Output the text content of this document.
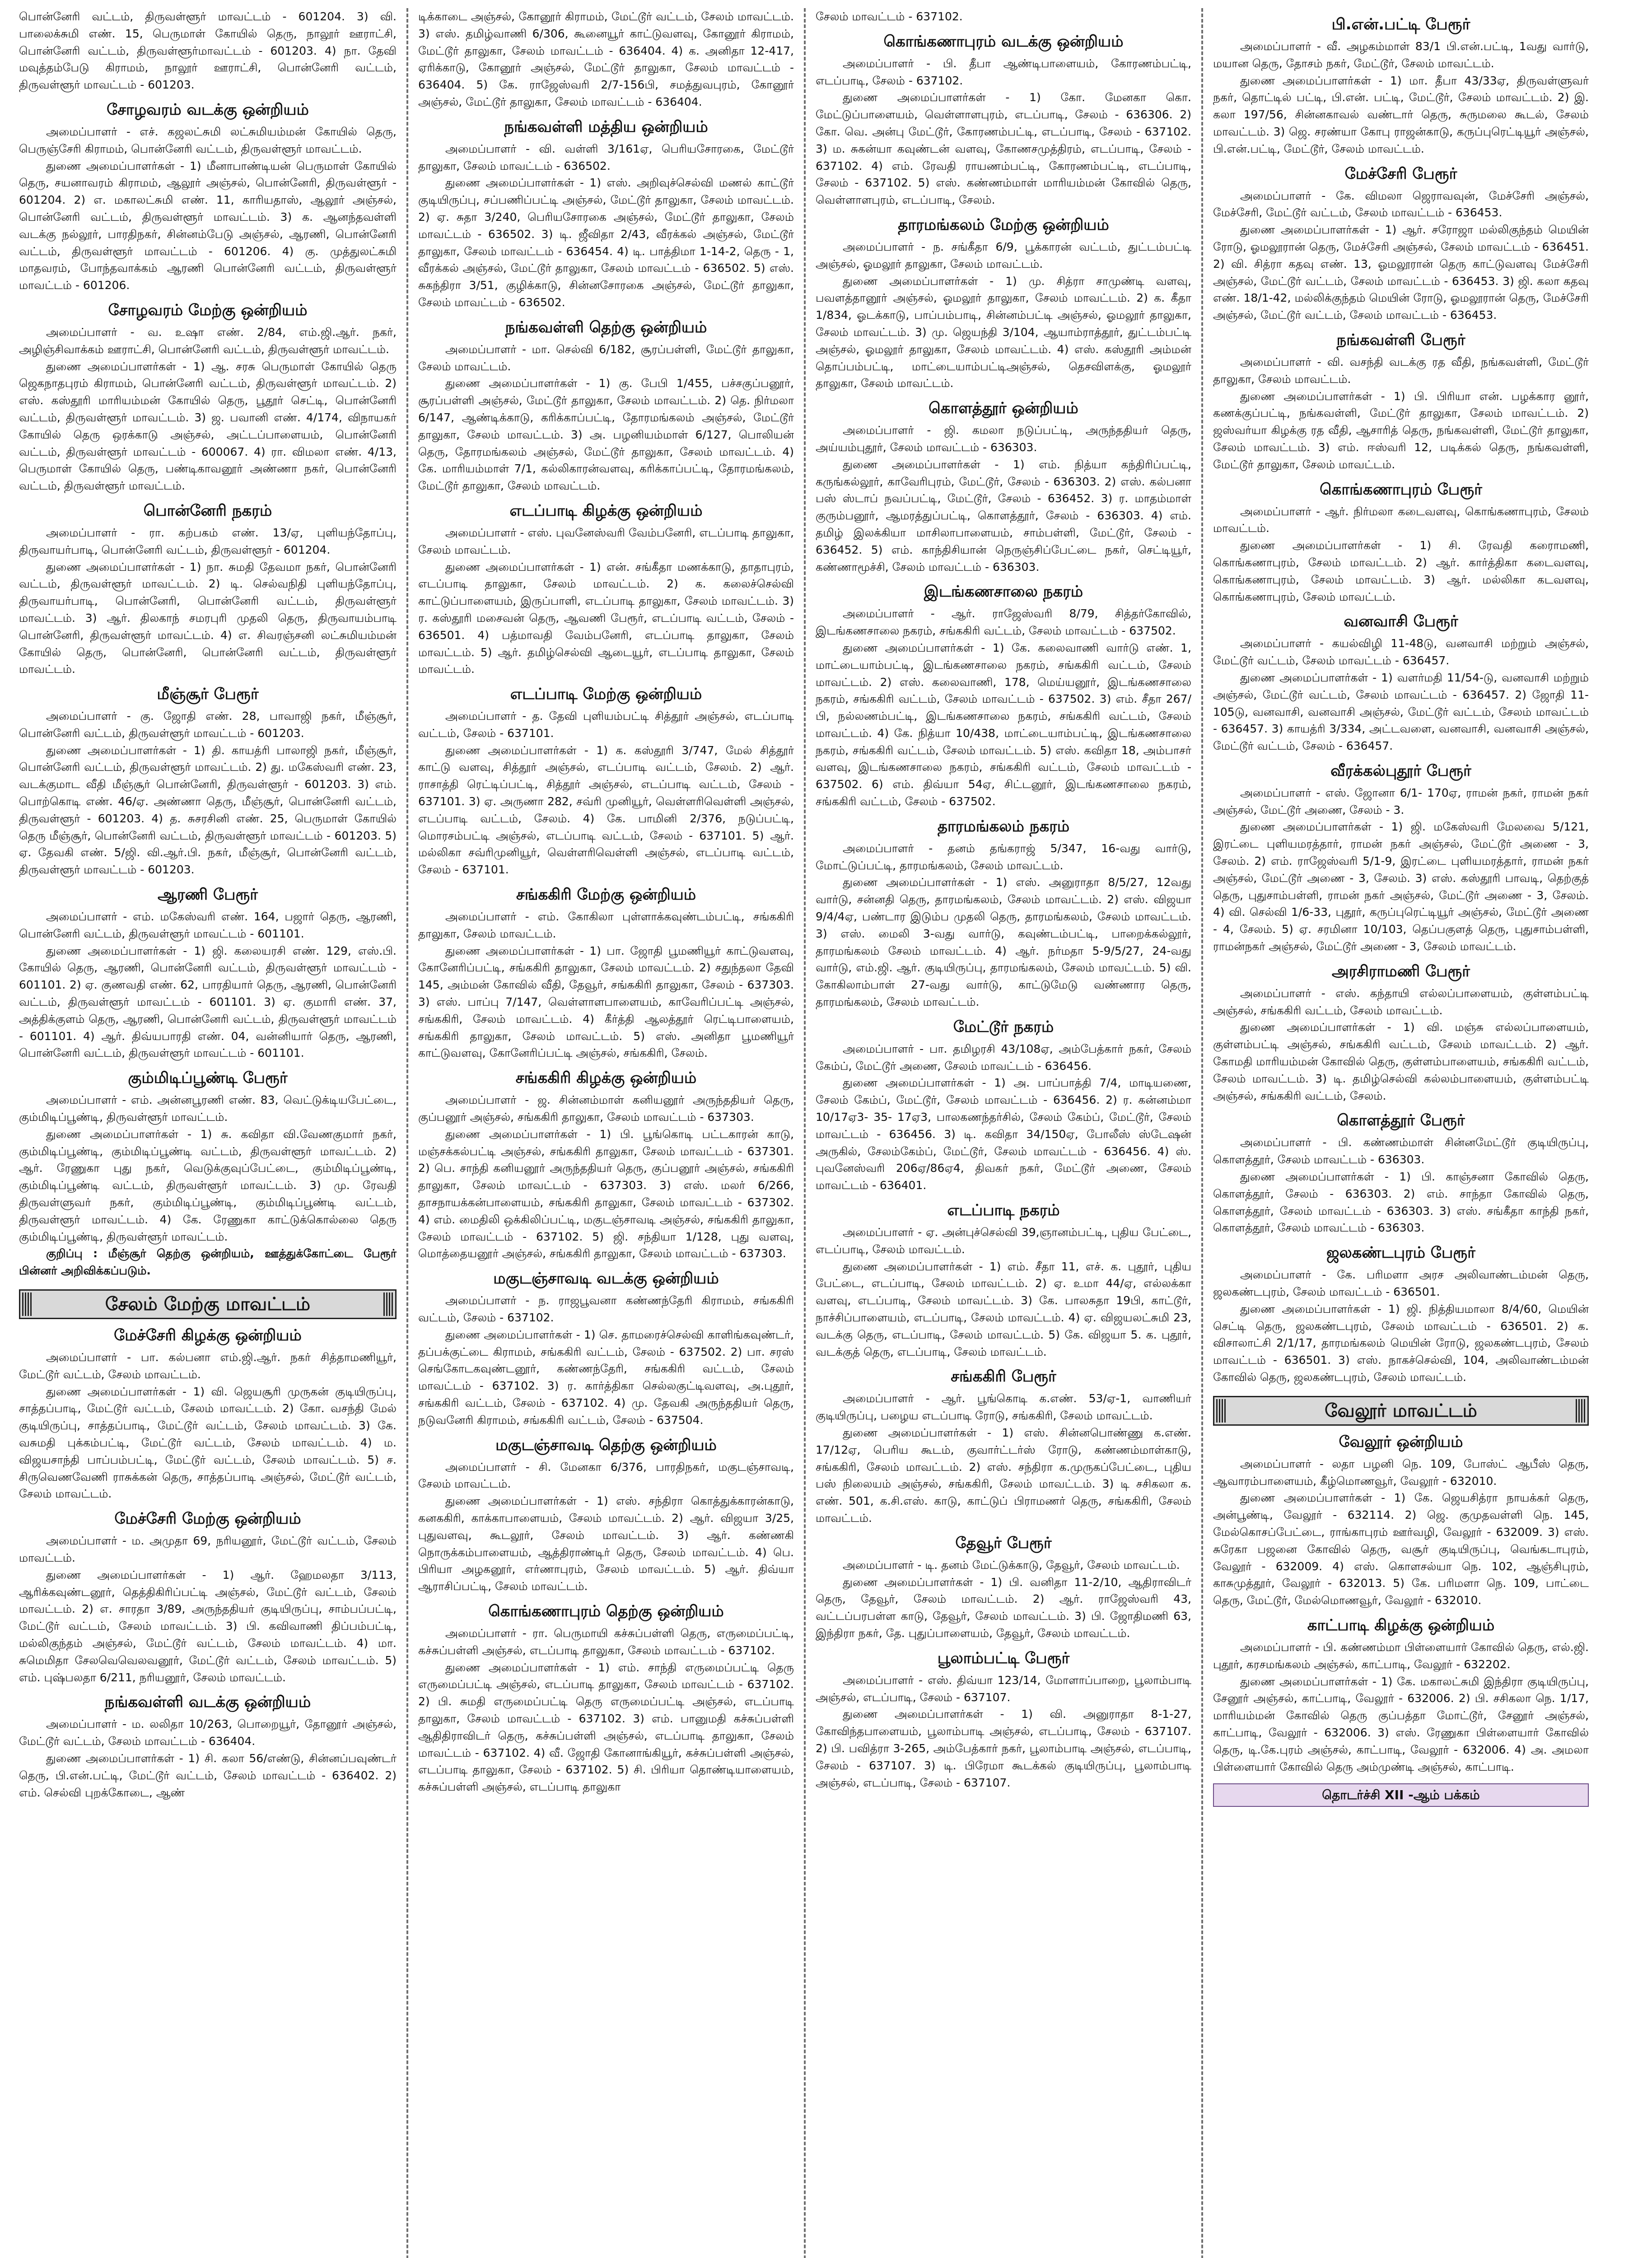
பொன்னேரி வட்டம், திருவள்ளூர் மாவட்டம் - 601204. 3) வி. பாலைக்சுமி எண். 15, பெருமாள் கோயில் தெரு, நாலூர் ஊராட்சி, பொன்னேரி வட்டம், திருவள்ளூர்மாவட்டம் - 601203. 4) நா. தேவி மவுத்தம்பேடு கிராமம், நாலூர் ஊராட்சி, பொன்னேரி வட்டம், திருவள்ளூர் மாவட்டம் - 601203.

சோழவரம் வடக்கு ஒன்றியம்

அமைப்பாளர் - எச். கஜலட்சுமி லட்சுமியம்மன் கோயில் தெரு, பெருஞ்சேரி கிராமம், பொன்னேரி வட்டம், திருவள்ளூர் மாவட்டம்.

துணை அமைப்பாளர்கள் - 1) மீனாபாண்டியன் பெருமாள் கோயில் தெரு, சயனாவரம் கிராமம், ஆலூர் அஞ்சல், பொன்னேரி, திருவள்ளூர் - 601204. 2) எ. மகாலட்சுமி எண். 11, காரியதாஸ், ஆலூர் அஞ்சல், பொன்னேரி வட்டம், திருவள்ளூர் மாவட்டம். 3) க. ஆனந்தவள்ளி வடக்கு நல்லூர், பாரதிநகர், சின்னம்பேடு அஞ்சல், ஆரணி, பொன்னேரி வட்டம், திருவள்ளூர் மாவட்டம் - 601206. 4) கு. முத்துலட்சுமி மாதவரம், போந்தவாக்கம் ஆரணி பொன்னேரி வட்டம், திருவள்ளூர் மாவட்டம் - 601206.

சோழவரம் மேற்கு ஒன்றியம்

அமைப்பாளர் - வ. உஷா எண். 2/84, எம்.ஜி.ஆர். நகர், அழிஞ்சிவாக்கம் ஊராட்சி, பொன்னேரி வட்டம், திருவள்ளூர் மாவட்டம்.

துணை அமைப்பாளர்கள் - 1) ஆ. சரசு பெருமாள் கோயில் தெரு ஜெகநாதபுரம் கிராமம், பொன்னேரி வட்டம், திருவள்ளூர் மாவட்டம். 2) எஸ். கஸ்தூரி மாரியம்மன் கோயில் தெரு, பூதூர் செட்டி, பொன்னேரி வட்டம், திருவள்ளூர் மாவட்டம். 3) ஜ. பவானி எண். 4/174, விநாயகர் கோயில் தெரு ஒரக்காடு அஞ்சல், அட்டப்பாளையம், பொன்னேரி வட்டம், திருவள்ளூர் மாவட்டம் - 600067. 4) ரா. விமலா எண். 4/13, பெருமாள் கோயில் தெரு, பண்டிகாவனூர் அண்ணா நகர், பொன்னேரி வட்டம், திருவள்ளூர் மாவட்டம்.

பொன்னேரி நகரம்

அமைப்பாளர் - ரா. கற்பகம் எண். 13/ஏ, புளியந்தோப்பு, திருவாயர்பாடி, பொன்னேரி வட்டம், திருவள்ளூர் - 601204.

துணை அமைப்பாளர்கள் - 1) நா. சுமதி தேவமா நகர், பொன்னேரி வட்டம், திருவள்ளூர் மாவட்டம். 2) டி. செல்வநிதி புளியந்தோப்பு, திருவாயர்பாடி, பொன்னேரி, பொன்னேரி வட்டம், திருவள்ளூர் மாவட்டம். 3) ஆர். திலகாந் சமரபுரி முதலி தெரு, திருவாயம்பாடி பொன்னேரி, திருவள்ளூர் மாவட்டம். 4) எ. சிவரஞ்சனி லட்சுமியம்மன் கோயில் தெரு, பொன்னேரி, பொன்னேரி வட்டம், திருவள்ளூர் மாவட்டம்.

மீஞ்சூர் பேரூர்

அமைப்பாளர் - கு. ஜோதி எண். 28, பாவாஜி நகர், மீஞ்சூர், பொன்னேரி வட்டம், திருவள்ளூர் மாவட்டம் - 601203.

துணை அமைப்பாளர்கள் - 1) தி. காயத்ரி பாலாஜி நகர், மீஞ்சூர், பொன்னேரி வட்டம், திருவள்ளூர் மாவட்டம். 2) து. மகேஸ்வரி எண். 23, வடக்குமாட வீதி மீஞ்சூர் பொன்னேரி, திருவள்ளூர் - 601203. 3) எம். பொற்கொடி எண். 46/ஏ. அண்ணா தெரு, மீஞ்சூர், பொன்னேரி வட்டம், திருவள்ளூர் - 601203. 4) த. சுசரசினி எண். 25, பெருமாள் கோயில் தெரு மீஞ்சூர், பொன்னேரி வட்டம், திருவள்ளூர் மாவட்டம் - 601203. 5) ஏ. தேவகி எண். 5/ஜி. வி.ஆர்.பி. நகர், மீஞ்சூர், பொன்னேரி வட்டம், திருவள்ளூர் மாவட்டம் - 601203.

ஆரணி பேரூர்

அமைப்பாளர் - எம். மகேஸ்வரி எண். 164, பஜார் தெரு, ஆரணி, பொன்னேரி வட்டம், திருவள்ளூர் மாவட்டம் - 601101.

துணை அமைப்பாளர்கள் - 1) ஜி. கலையரசி எண். 129, எஸ்.பி. கோயில் தெரு, ஆரணி, பொன்னேரி வட்டம், திருவள்ளூர் மாவட்டம் - 601101. 2) ஏ. குணவதி எண். 62, பாரதியார் தெரு, ஆரணி, பொன்னேரி வட்டம், திருவள்ளூர் மாவட்டம் - 601101. 3) ஏ. குமாரி எண். 37, அத்திக்குளம் தெரு, ஆரணி, பொன்னேரி வட்டம், திருவள்ளூர் மாவட்டம் - 601101. 4) ஆர். திவ்யபாரதி எண். 04, வன்னியார் தெரு, ஆரணி, பொன்னேரி வட்டம், திருவள்ளூர் மாவட்டம் - 601101.

கும்மிடிப்பூண்டி பேரூர்

அமைப்பாளர் - எம். அன்னபூரணி எண். 83, வெட்டுக்டியபேட்டை, கும்மிடிப்பூண்டி, திருவள்ளூர் மாவட்டம்.

துணை அமைப்பாளர்கள் - 1) சு. கவிதா வி.வேணகுமார் நகர், கும்மிடிப்பூண்டி, கும்மிடிப்பூண்டி வட்டம், திருவள்ளூர் மாவட்டம். 2) ஆர். ரேணுகா புது நகர், வெடுக்குவுப்பேட்டை, கும்மிடிப்பூண்டி, கும்மிடிப்பூண்டி வட்டம், திருவள்ளூர் மாவட்டம். 3) மு. ரேவதி திருவள்ளுவர் நகர், கும்மிடிப்பூண்டி, கும்மிடிப்பூண்டி வட்டம், திருவள்ளூர் மாவட்டம். 4) கே. ரேணுகா காட்டுக்கொல்லை தெரு கும்மிடிப்பூண்டி, திருவள்ளூர் மாவட்டம்.

குறிப்பு : மீஞ்சூர் தெற்கு ஒன்றியம், ஊத்துக்கோட்டை பேரூர் பின்னர் அறிவிக்கப்படும்.

சேலம் மேற்கு மாவட்டம்
மேச்சேரி கிழக்கு ஒன்றியம்

அமைப்பாளர் - பா. கல்பனா எம்.ஜி.ஆர். நகர் சித்தாமணியூர், மேட்டூர் வட்டம், சேலம் மாவட்டம்.

துணை அமைப்பாளர்கள் - 1) வி. ஜெயசூரி முருகன் குடியிருப்பு, சாத்தப்பாடி, மேட்டூர் வட்டம், சேலம் மாவட்டம். 2) கோ. வசந்தி மேல் குடியிருப்பு, சாத்தப்பாடி, மேட்டூர் வட்டம், சேலம் மாவட்டம். 3) கே. வசுமதி புக்கம்பட்டி, மேட்டூர் வட்டம், சேலம் மாவட்டம். 4) ம. விஜயசாந்தி பாப்பம்பட்டி, மேட்டூர் வட்டம், சேலம் மாவட்டம். 5) ச. சிருவெணவேணி ராசுக்கன் தெரு, சாத்தப்பாடி அஞ்சல், மேட்டூர் வட்டம், சேலம் மாவட்டம்.

மேச்சேரி மேற்கு ஒன்றியம்

அமைப்பாளர் - ம. அமுதா 69, நரியனூர், மேட்டூர் வட்டம், சேலம் மாவட்டம்.

துணை அமைப்பாளர்கள் - 1) ஆர். ஹேமலதா 3/113, ஆரிக்கவுண்டனூர், தெத்திகிரிப்பட்டி அஞ்சல், மேட்டூர் வட்டம், சேலம் மாவட்டம். 2) எ. சாரதா 3/89, அருந்ததியர் குடியிருப்பு, சாம்பப்பட்டி, மேட்டூர் வட்டம், சேலம் மாவட்டம். 3) பி. கவிவாணி திப்பம்பட்டி, மல்லிகுந்தம் அஞ்சல், மேட்டூர் வட்டம், சேலம் மாவட்டம். 4) மா. சுமெமிதா சேலவெவெலவனூர், மேட்டூர் வட்டம், சேலம் மாவட்டம். 5) எம். புஷ்பலதா 6/211, நரியனூர், சேலம் மாவட்டம்.

நங்கவள்ளி வடக்கு ஒன்றியம்

அமைப்பாளர் - ம. லலிதா 10/263, பொறையூர், தோனூர் அஞ்சல், மேட்டூர் வட்டம், சேலம் மாவட்டம் - 636404.

துணை அமைப்பாளர்கள் - 1) சி. கலா 56/எண்டு, சின்னப்பவுண்டர் தெரு, பி.என்.பட்டி, மேட்டூர் வட்டம், சேலம் மாவட்டம் - 636402. 2) எம். செல்வி புறக்கோடை, ஆண்

டிக்காடை அஞ்சல், கோனூர் கிராமம், மேட்டூர் வட்டம், சேலம் மாவட்டம். 3) எஸ். தமிழ்வாணி 6/306, கூனையூர் காட்டுவளவு, கோனூர் கிராமம், மேட்டூர் தாலுகா, சேலம் மாவட்டம் - 636404. 4) க. அனிதா 12-417, ஏரிக்காடு, கோனூர் அஞ்சல், மேட்டூர் தாலுகா, சேலம் மாவட்டம் - 636404. 5) கே. ராஜேஸ்வரி 2/7-156பி, சமத்துவபுரம், கோனூர் அஞ்சல், மேட்டூர் தாலுகா, சேலம் மாவட்டம் - 636404.

நங்கவள்ளி மத்திய ஒன்றியம்

அமைப்பாளர் - வி. வள்ளி 3/161ஏ, பெரியசோரகை, மேட்டூர் தாலுகா, சேலம் மாவட்டம் - 636502.

துணை அமைப்பாளர்கள் - 1) எஸ். அறிவுச்செல்வி மணல் காட்டூர் குடியிருப்பு, சப்பணிப்பட்டி அஞ்சல், மேட்டூர் தாலுகா, சேலம் மாவட்டம். 2) ஏ. சுதா 3/240, பெரியசோரகை அஞ்சல், மேட்டூர் தாலுகா, சேலம் மாவட்டம் - 636502. 3) டி. ஜீவிதா 2/43, வீரக்கல் அஞ்சல், மேட்டூர் தாலுகா, சேலம் மாவட்டம் - 636454. 4) டி. பாத்திமா 1-14-2, தெரு - 1, வீரக்கல் அஞ்சல், மேட்டூர் தாலுகா, சேலம் மாவட்டம் - 636502. 5) எஸ். சுகந்திரா 3/51, குழிக்காடு, சின்னசோரகை அஞ்சல், மேட்டூர் தாலுகா, சேலம் மாவட்டம் - 636502.

நங்கவள்ளி தெற்கு ஒன்றியம்

அமைப்பாளர் - மா. செல்வி 6/182, சூரப்பள்ளி, மேட்டூர் தாலுகா, சேலம் மாவட்டம்.

துணை அமைப்பாளர்கள் - 1) கு. பேபி 1/455, பச்சகுப்பனூர், சூரப்பள்ளி அஞ்சல், மேட்டூர் தாலுகா, சேலம் மாவட்டம். 2) தெ. நிர்மலா 6/147, ஆண்டிக்காடு, கரிக்காப்பட்டி, தோரமங்கலம் அஞ்சல், மேட்டூர் தாலுகா, சேலம் மாவட்டம். 3) அ. பழனியம்மாள் 6/127, பொலியன் தெரு, தோரமங்கலம் அஞ்சல், மேட்டூர் தாலுகா, சேலம் மாவட்டம். 4) கே. மாரியம்மாள் 7/1, கல்லிகாரன்வளவு, கரிக்காப்பட்டி, தோரமங்கலம், மேட்டூர் தாலுகா, சேலம் மாவட்டம்.

எடப்பாடி கிழக்கு ஒன்றியம்

அமைப்பாளர் - எஸ். புவனேஸ்வரி வேம்பனேரி, எடப்பாடி தாலுகா, சேலம் மாவட்டம்.

துணை அமைப்பாளர்கள் - 1) என். சங்கீதா மணக்காடு, தாதாபுரம், எடப்பாடி தாலுகா, சேலம் மாவட்டம். 2) க. கலைச்செல்வி காட்டுப்பாளையம், இருப்பாளி, எடப்பாடி தாலுகா, சேலம் மாவட்டம். 3) ர. கஸ்தூரி மசைவன் தெரு, ஆவணி பேரூர், எடப்பாடி வட்டம், சேலம் - 636501. 4) பத்மாவதி வேம்பனேரி, எடப்பாடி தாலுகா, சேலம் மாவட்டம். 5) ஆர். தமிழ்செல்வி ஆடையூர், எடப்பாடி தாலுகா, சேலம் மாவட்டம்.

எடப்பாடி மேற்கு ஒன்றியம்

அமைப்பாளர் - த. தேவி புளியம்பட்டி சித்தூர் அஞ்சல், எடப்பாடி வட்டம், சேலம் - 637101.

துணை அமைப்பாளர்கள் - 1) க. கஸ்தூரி 3/747, மேல் சித்தூர் காட்டு வளவு, சித்தூர் அஞ்சல், எடப்பாடி வட்டம், சேலம். 2) ஆர். ராசாத்தி ரெட்டிப்பட்டி, சித்தூர் அஞ்சல், எடப்பாடி வட்டம், சேலம் - 637101. 3) ஏ. அருணா 282, சவ்ரி முனியூர், வெள்ளரிவெள்ளி அஞ்சல், எடப்பாடி வட்டம், சேலம். 4) கே. பாமினி 2/376, நடுப்பட்டி, மொரசம்பட்டி அஞ்சல், எடப்பாடி வட்டம், சேலம் - 637101. 5) ஆர். மல்லிகா சவ்ரிமுனியூர், வெள்ளரிவெள்ளி அஞ்சல், எடப்பாடி வட்டம், சேலம் - 637101.

சங்ககிரி மேற்கு ஒன்றியம்

அமைப்பாளர் - எம். கோகிலா புள்ளாக்கவுண்டம்பட்டி, சங்ககிரி தாலுகா, சேலம் மாவட்டம்.

துணை அமைப்பாளர்கள் - 1) பா. ஜோதி பூமணியூர் காட்டுவளவு, கோனேரிப்பட்டி, சங்ககிரி தாலுகா, சேலம் மாவட்டம். 2) சதுந்தலா தேவி 145, அம்மன் கோவில் வீதி, தேவூர், சங்ககிரி தாலுகா, சேலம் - 637303. 3) எஸ். பாப்பு 7/147, வெள்ளாளபாளையம், காவேரிப்பட்டி அஞ்சல், சங்ககிரி, சேலம் மாவட்டம். 4) கீர்த்தி ஆலத்தூர் ரெட்டிபாளையம், சங்ககிரி தாலுகா, சேலம் மாவட்டம். 5) எஸ். அனிதா பூமணியூர் காட்டுவளவு, கோனேரிப்பட்டி அஞ்சல், சங்ககிரி, சேலம்.

சங்ககிரி கிழக்கு ஒன்றியம்

அமைப்பாளர் - ஜ. சின்னம்மாள் கனியனூர் அருந்ததியர் தெரு, குப்பனூர் அஞ்சல், சங்ககிரி தாலுகா, சேலம் மாவட்டம் - 637303.

துணை அமைப்பாளர்கள் - 1) பி. பூங்கொடி பட்டகாரன் காடு, மஞ்சக்கல்பட்டி அஞ்சல், சங்ககிரி தாலுகா, சேலம் மாவட்டம் - 637301. 2) பெ. சாந்தி கனியனூர் அருந்ததியர் தெரு, குப்பனூர் அஞ்சல், சங்ககிரி தாலுகா, சேலம் மாவட்டம் - 637303. 3) எஸ். மலர் 6/266, தாசநாயக்கன்பாளையம், சங்ககிரி தாலுகா, சேலம் மாவட்டம் - 637302. 4) எம். மைதிலி ஒக்கிலிப்பட்டி, மகுடஞ்சாவடி அஞ்சல், சங்ககிரி தாலுகா, சேலம் மாவட்டம் - 637102. 5) ஜி. சந்தியா 1/128, புது வளவு, மொத்தையனூர் அஞ்சல், சங்ககிரி தாலுகா, சேலம் மாவட்டம் - 637303.

மகுடஞ்சாவடி வடக்கு ஒன்றியம்

அமைப்பாளர் - ந. ராஜபூவனா கண்ணந்தேரி கிராமம், சங்ககிரி வட்டம், சேலம் - 637102.

துணை அமைப்பாளர்கள் - 1) செ. தாமரைச்செல்வி காளிங்கவுண்டர், தப்பக்குட்டை கிராமம், சங்ககிரி வட்டம், சேலம் - 637502. 2) பா. சரஸ் செங்கோடகவுண்டனூர், கண்ணந்தேரி, சங்ககிரி வட்டம், சேலம் மாவட்டம் - 637102. 3) ர. கார்த்திகா செல்லகுட்டிவளவு, அ.புதூர், சங்ககிரி வட்டம், சேலம் - 637102. 4) மு. தேவகி அருந்ததியர் தெரு, நடுவனேரி கிராமம், சங்ககிரி வட்டம், சேலம் - 637504.

மகுடஞ்சாவடி தெற்கு ஒன்றியம்

அமைப்பாளர் - சி. மேனகா 6/376, பாரதிநகர், மகுடஞ்சாவடி, சேலம் மாவட்டம்.

துணை அமைப்பாளர்கள் - 1) எஸ். சந்திரா கொத்துக்காரன்காடு, கனககிரி, காக்காபாளையம், சேலம் மாவட்டம். 2) ஆர். விஜயா 3/25, புதுவளவு, கூடலூர், சேலம் மாவட்டம். 3) ஆர். கண்ணகி நொருக்கம்பாளையம், ஆத்திராண்டிர் தெரு, சேலம் மாவட்டம். 4) பெ. பிரியா அழகனூர், எர்ணாபுரம், சேலம் மாவட்டம். 5) ஆர். திவ்யா ஆராசிப்பட்டி, சேலம் மாவட்டம்.

கொங்கணாபுரம் தெற்கு ஒன்றியம்

அமைப்பாளர் - ரா. பெருமாயி கச்சுப்பள்ளி தெரு, எருமைப்பட்டி, கச்சுப்பள்ளி அஞ்சல், எடப்பாடி தாலுகா, சேலம் மாவட்டம் - 637102.

துணை அமைப்பாளர்கள் - 1) எம். சாந்தி எருமைப்பட்டி தெரு எருமைப்பட்டி அஞ்சல், எடப்பாடி தாலுகா, சேலம் மாவட்டம் - 637102. 2) பி. சுமதி எருமைப்பட்டி தெரு எருமைப்பட்டி அஞ்சல், எடப்பாடி தாலுகா, சேலம் மாவட்டம் - 637102. 3) எம். பானுமதி கச்சுப்பள்ளி ஆதிதிராவிடர் தெரு, கச்சுப்பள்ளி அஞ்சல், எடப்பாடி தாலுகா, சேலம் மாவட்டம் - 637102. 4) வீ. ஜோதி கோனாங்கியூர், கச்சுப்பள்ளி அஞ்சல், எடப்பாடி தாலுகா, சேலம் - 637102. 5) சி. பிரியா தொண்டியாளையம், கச்சுப்பள்ளி அஞ்சல், எடப்பாடி தாலுகா

சேலம் மாவட்டம் - 637102.

கொங்கணாபுரம் வடக்கு ஒன்றியம்

அமைப்பாளர் - பி. தீபா ஆண்டிபாளையம், கோரணம்பட்டி, எடப்பாடி, சேலம் - 637102.

துணை அமைப்பாளர்கள் - 1) கோ. மேனகா கொ. மேட்டுப்பாளையம், வெள்ளாளபுரம், எடப்பாடி, சேலம் - 636306. 2) கோ. வெ. அன்பு மேட்டூர், கோரணம்பட்டி, எடப்பாடி, சேலம் - 637102. 3) ம. சுகன்யா கவுண்டன் வளவு, கோணசமுத்திரம், எடப்பாடி, சேலம் - 637102. 4) எம். ரேவதி ராயணம்பட்டி, கோரணம்பட்டி, எடப்பாடி, சேலம் - 637102. 5) எஸ். கண்ணம்மாள் மாரியம்மன் கோவில் தெரு, வெள்ளாளபுரம், எடப்பாடி, சேலம்.

தாரமங்கலம் மேற்கு ஒன்றியம்

அமைப்பாளர் - ந. சங்கீதா 6/9, பூக்காரன் வட்டம், துட்டம்பட்டி அஞ்சல், ஓமலூர் தாலுகா, சேலம் மாவட்டம்.

துணை அமைப்பாளர்கள் - 1) மு. சித்ரா சாமுண்டி வளவு, பவளத்தானூர் அஞ்சல், ஓமலூர் தாலுகா, சேலம் மாவட்டம். 2) க. கீதா 1/834, ஓடக்காடு, பாப்பம்பாடி, சின்னம்பட்டி அஞ்சல், ஓமலூர் தாலுகா, சேலம் மாவட்டம். 3) மு. ஜெயந்தி 3/104, ஆயாம்ராத்தூர், துட்டம்பட்டி அஞ்சல், ஓமலூர் தாலுகா, சேலம் மாவட்டம். 4) எஸ். கஸ்தூரி அம்மன் தொப்பம்பட்டி, மாட்டையாம்பட்டிஅஞ்சல், தெசவிளக்கு, ஓமலூர் தாலுகா, சேலம் மாவட்டம்.

கொளத்தூர் ஒன்றியம்

அமைப்பாளர் - ஜி. கமலா நடுப்பட்டி, அருந்ததியர் தெரு, அய்யம்புதூர், சேலம் மாவட்டம் - 636303.

துணை அமைப்பாளர்கள் - 1) எம். நித்யா கந்திரிப்பட்டி, கருங்கல்லூர், காவேரிபுரம், மேட்டூர், சேலம் - 636303. 2) எஸ். கல்பனா பஸ் ஸ்டாப் நவப்பட்டி, மேட்டூர், சேலம் - 636452. 3) ர. மாதம்மாள் குரும்பனூர், ஆமரத்துப்பட்டி, கொளத்தூர், சேலம் - 636303. 4) எம். தமிழ் இலக்கியா மாசிலாபாளையம், சாம்பள்ளி, மேட்டூர், சேலம் - 636452. 5) எம். காந்திசியான் நெருஞ்சிப்பேட்டை நகர், செட்டியூர், கண்ணாமூச்சி, சேலம் மாவட்டம் - 636303.

இடங்கணசாலை நகரம்

அமைப்பாளர் - ஆர். ராஜேஸ்வரி 8/79, சித்தர்கோவில், இடங்கணசாலை நகரம், சங்ககிரி வட்டம், சேலம் மாவட்டம் - 637502.

துணை அமைப்பாளர்கள் - 1) கே. கலைவாணி வார்டு எண். 1, மாட்டையாம்பட்டி, இடங்கணசாலை நகரம், சங்ககிரி வட்டம், சேலம் மாவட்டம். 2) எஸ். கலைவாணி, 178, மெய்யனூர், இடங்கணசாலை நகரம், சங்ககிரி வட்டம், சேலம் மாவட்டம் - 637502. 3) எம். சீதா 267/பி, நல்லணம்பட்டி, இடங்கணசாலை நகரம், சங்ககிரி வட்டம், சேலம் மாவட்டம். 4) கே. நித்யா 10/438, மாட்டையாம்பட்டி, இடங்கணசாலை நகரம், சங்ககிரி வட்டம், சேலம் மாவட்டம். 5) எஸ். கவிதா 18, அம்பாசர் வளவு, இடங்கணசாலை நகரம், சங்ககிரி வட்டம், சேலம் மாவட்டம் - 637502. 6) எம். திவ்யா 54ஏ, சிட்டனூர், இடங்கணசாலை நகரம், சங்ககிரி வட்டம், சேலம் - 637502.

தாரமங்கலம் நகரம்

அமைப்பாளர் - தனம் தங்கராஜ் 5/347, 16-வது வார்டு, மோட்டுப்பட்டி, தாரமங்கலம், சேலம் மாவட்டம்.

துணை அமைப்பாளர்கள் - 1) எஸ். அனுராதா 8/5/27, 12வது வார்டு, சன்னதி தெரு, தாரமங்கலம், சேலம் மாவட்டம். 2) எஸ். விஜயா 9/4/4ஏ, பண்டார இடும்ப முதலி தெரு, தாரமங்கலம், சேலம் மாவட்டம். 3) எஸ். மைலி 3-வது வார்டு, கவுண்டம்பட்டி, பாறைக்கல்லூர், தாரமங்கலம் சேலம் மாவட்டம். 4) ஆர். நர்மதா 5-9/5/27, 24-வது வார்டு, எம்.ஜி. ஆர். குடியிருப்பு, தாரமங்கலம், சேலம் மாவட்டம். 5) வி. கோகிலாம்பாள் 27-வது வார்டு, காட்டுமேடு வண்ணார தெரு, தாரமங்கலம், சேலம் மாவட்டம்.

மேட்டூர் நகரம்

அமைப்பாளர் - பா. தமிழரசி 43/108ஏ, அம்பேத்கார் நகர், சேலம் கேம்ப், மேட்டூர் அணை, சேலம் மாவட்டம் - 636456.

துணை அமைப்பாளர்கள் - 1) அ. பாப்பாத்தி 7/4, மாடியணை, சேலம் கேம்ப், மேட்டூர், சேலம் மாவட்டம் - 636456. 2) ர. கன்னம்மா 10/17ஏ3- 35- 17ஏ3, பாலகணந்தர்சில், சேலம் கேம்ப், மேட்டூர், சேலம் மாவட்டம் - 636456. 3) டி. கவிதா 34/150ஏ, போலீஸ் ஸ்டேஷன் அருகில், சேலம்கேம்ப், மேட்டூர், சேலம் மாவட்டம் - 636456. 4) ஸ். புவனேஸ்வரி 206ஏ/86ஏ4, திவகர் நகர், மேட்டூர் அணை, சேலம் மாவட்டம் - 636401.

எடப்பாடி நகரம்

அமைப்பாளர் - ஏ. அன்புச்செல்வி 39,ஞானம்பட்டி, புதிய பேட்டை, எடப்பாடி, சேலம் மாவட்டம்.

துணை அமைப்பாளர்கள் - 1) எம். சீதா 11, எச். க. புதூர், புதிய பேட்டை, எடப்பாடி, சேலம் மாவட்டம். 2) ஏ. உமா 44/ஏ, எல்லக்கா வளவு, எடப்பாடி, சேலம் மாவட்டம். 3) கே. பாலசுதா 19பி, காட்டூர், நாச்சிப்பாளையம், எடப்பாடி, சேலம் மாவட்டம். 4) ஏ. விஜயலட்சுமி 23, வடக்கு தெரு, எடப்பாடி, சேலம் மாவட்டம். 5) கே. விஜயா 5. க. புதூர், வடக்குத் தெரு, எடப்பாடி, சேலம் மாவட்டம்.

சங்ககிரி பேரூர்

அமைப்பாளர் - ஆர். பூங்கொடி க.எண். 53/ஏ-1, வாணியர் குடியிருப்பு, பழைய எடப்பாடி ரோடு, சங்ககிரி, சேலம் மாவட்டம்.

துணை அமைப்பாளர்கள் - 1) எஸ். சின்னபொண்ணு க.எண். 17/12ஏ, பெரிய கூடம், குவார்ட்டர்ஸ் ரோடு, கண்ணம்மாள்காடு, சங்ககிரி, சேலம் மாவட்டம். 2) எஸ். சந்திரா க.முருகப்பேட்டை, புதிய பஸ் நிலையம் அஞ்சல், சங்ககிரி, சேலம் மாவட்டம். 3) டி சசிகலா க. எண். 501, க.சி.எஸ். காடு, காட்டுப் பிராமணர் தெரு, சங்ககிரி, சேலம் மாவட்டம்.

தேவூர் பேரூர்

அமைப்பாளர் - டி. தனம் மேட்டுக்காடு, தேவூர், சேலம் மாவட்டம்.

துணை அமைப்பாளர்கள் - 1) பி. வனிதா 11-2/10, ஆதிராவிடர் தெரு, தேவூர், சேலம் மாவட்டம். 2) ஆர். ராஜேஸ்வரி 43, வட்டப்பரபள்ள காடு, தேவூர், சேலம் மாவட்டம். 3) பி. ஜோதிமணி 63, இந்திரா நகர், தே. புதுப்பாளையம், தேவூர், சேலம் மாவட்டம்.

பூலாம்பட்டி பேரூர்

அமைப்பாளர் - எஸ். திவ்யா 123/14, மோளாப்பாறை, பூலாம்பாடி அஞ்சல், எடப்பாடி, சேலம் - 637107.

துணை அமைப்பாளர்கள் - 1) வி. அனுராதா 8-1-27, கோவிந்தபாளையம், பூலாம்பாடி அஞ்சல், எடப்பாடி, சேலம் - 637107. 2) பி. பவித்ரா 3-265, அம்பேத்கார் நகர், பூலாம்பாடி அஞ்சல், எடப்பாடி, சேலம் - 637107. 3) டி. பிரேமா கூடக்கல் குடியிருப்பு, பூலாம்பாடி அஞ்சல், எடப்பாடி, சேலம் - 637107.

பி.என்.பட்டி பேரூர்

அமைப்பாளர் - வீ. அழகம்மாள் 83/1 பி.என்.பட்டி, 1வது வார்டு, மயான தெரு, தோசம் நகர், மேட்டூர், சேலம் மாவட்டம்.

துணை அமைப்பாளர்கள் - 1) மா. தீபா 43/33ஏ, திருவள்ளுவர் நகர், தொட்டில் பட்டி, பி.என். பட்டி, மேட்டூர், சேலம் மாவட்டம். 2) இ. கலா 197/56, சின்னகாவல் வண்டார் தெரு, சுருமலை கூடல், சேலம் மாவட்டம். 3) ஜெ. சரண்யா கோபு ராஜன்காடு, கருப்புரெட்டியூர் அஞ்சல், பி.என்.பட்டி, மேட்டூர், சேலம் மாவட்டம்.

மேச்சேரி பேரூர்

அமைப்பாளர் - கே. விமலா ஜெராவவுன், மேச்சேரி அஞ்சல், மேச்சேரி, மேட்டூர் வட்டம், சேலம் மாவட்டம் - 636453.

துணை அமைப்பாளர்கள் - 1) ஆர். சரோஜா மல்லிகுந்தம் மெயின் ரோடு, ஓமலூரான் தெரு, மேச்சேரி அஞ்சல், சேலம் மாவட்டம் - 636451. 2) வி. சித்ரா கதவு எண். 13, ஓமலூரான் தெரு காட்டுவளவு மேச்சேரி அஞ்சல், மேட்டூர் வட்டம், சேலம் மாவட்டம் - 636453. 3) ஜி. கலா கதவு எண். 18/1-42, மல்லிக்குந்தம் மெயின் ரோடு, ஓமலூரான் தெரு, மேச்சேரி அஞ்சல், மேட்டூர் வட்டம், சேலம் மாவட்டம் - 636453.

நங்கவள்ளி பேரூர்

அமைப்பாளர் - வி. வசந்தி வடக்கு ரத வீதி, நங்கவள்ளி, மேட்டூர் தாலுகா, சேலம் மாவட்டம்.

துணை அமைப்பாளர்கள் - 1) பி. பிரியா என். பழக்கார னூர், கணக்குப்பட்டி, நங்கவள்ளி, மேட்டூர் தாலுகா, சேலம் மாவட்டம். 2) ஜஸ்வர்யா கிழக்கு ரத வீதி, ஆசாரித் தெரு, நங்கவள்ளி, மேட்டூர் தாலுகா, சேலம் மாவட்டம். 3) எம். ஈஸ்வரி 12, படிக்கல் தெரு, நங்கவள்ளி, மேட்டூர் தாலுகா, சேலம் மாவட்டம்.

கொங்கணாபுரம் பேரூர்

அமைப்பாளர் - ஆர். நிர்மலா கடைவளவு, கொங்கணாபுரம், சேலம் மாவட்டம்.

துணை அமைப்பாளர்கள் - 1) சி. ரேவதி கரைாமணி, கொங்கணாபுரம், சேலம் மாவட்டம். 2) ஆர். கார்த்திகா கடைவளவு, கொங்கணாபுரம், சேலம் மாவட்டம். 3) ஆர். மல்லிகா கடவளவு, கொங்கணாபுரம், சேலம் மாவட்டம்.

வனவாசி பேரூர்

அமைப்பாளர் - கயல்விழி 11-48டு, வனவாசி மற்றும் அஞ்சல், மேட்டூர் வட்டம், சேலம் மாவட்டம் - 636457.

துணை அமைப்பாளர்கள் - 1) வளர்மதி 11/54-டு, வனவாசி மற்றும் அஞ்சல், மேட்டூர் வட்டம், சேலம் மாவட்டம் - 636457. 2) ஜோதி 11-105டு, வனவாசி, வனவாசி அஞ்சல், மேட்டூர் வட்டம், சேலம் மாவட்டம் - 636457. 3) காயத்ரி 3/334, அட்டவளை, வனவாசி, வனவாசி அஞ்சல், மேட்டூர் வட்டம், சேலம் - 636457.

வீரக்கல்புதூர் பேரூர்

அமைப்பாளர் - எஸ். ஜோனா 6/1- 170ஏ, ராமன் நகர், ராமன் நகர் அஞ்சல், மேட்டூர் அணை, சேலம் - 3.

துணை அமைப்பாளர்கள் - 1) ஜி. மகேஸ்வரி மேலவை 5/121, இரட்டை புளியமரத்தார், ராமன் நகர் அஞ்சல், மேட்டூர் அணை - 3, சேலம். 2) எம். ராஜேஸ்வரி 5/1-9, இரட்டை புளியமரத்தார், ராமன் நகர் அஞ்சல், மேட்டூர் அணை - 3, சேலம். 3) எஸ். கஸ்தூரி பாவடி, தெற்குத் தெரு, புதுசாம்பள்ளி, ராமன் நகர் அஞ்சல், மேட்டூர் அணை - 3, சேலம். 4) வி. செல்வி 1/6-33, புதூர், கருப்புரெட்டியூர் அஞ்சல், மேட்டூர் அணை - 4, சேலம். 5) ஏ. சரமினா 10/103, தெப்பகுளத் தெரு, புதுசாம்பள்ளி, ராமன்நகர் அஞ்சல், மேட்டூர் அணை - 3, சேலம் மாவட்டம்.

அரசிராமணி பேரூர்

அமைப்பாளர் - எஸ். கந்தாயி எல்லப்பாளையம், குள்ளம்பட்டி அஞ்சல், சங்ககிரி வட்டம், சேலம் மாவட்டம்.

துணை அமைப்பாளர்கள் - 1) வி. மஞ்சு எல்லப்பாளையம், குள்ளம்பட்டி அஞ்சல், சங்ககிரி வட்டம், சேலம் மாவட்டம். 2) ஆர். கோமதி மாரியம்மன் கோவில் தெரு, குள்ளம்பாளையம், சங்ககிரி வட்டம், சேலம் மாவட்டம். 3) டி. தமிழ்செல்வி கல்லம்பாளையம், குள்ளம்பட்டி அஞ்சல், சங்ககிரி வட்டம், சேலம்.

கொளத்தூர் பேரூர்

அமைப்பாளர் - பி. கண்ணம்மாள் சின்னமேட்டூர் குடியிருப்பு, கொளத்தூர், சேலம் மாவட்டம் - 636303.

துணை அமைப்பாளர்கள் - 1) பி. காஞ்சனா கோவில் தெரு, கொளத்தூர், சேலம் - 636303. 2) எம். சாந்தா கோவில் தெரு, கொளத்தூர், சேலம் மாவட்டம் - 636303. 3) எஸ். சங்கீதா காந்தி நகர், கொளத்தூர், சேலம் மாவட்டம் - 636303.

ஜலகண்டபுரம் பேரூர்

அமைப்பாளர் - கே. பரிமளா அரச அலிவாண்டம்மன் தெரு, ஜலகண்டபுரம், சேலம் மாவட்டம் - 636501.

துணை அமைப்பாளர்கள் - 1) ஜி. நித்தியமாலா 8/4/60, மெயின் செட்டி தெரு, ஜலகண்டபுரம், சேலம் மாவட்டம் - 636501. 2) க. விசாலாட்சி 2/1/17, தாரமங்கலம் மெயின் ரோடு, ஜலகண்டபுரம், சேலம் மாவட்டம் - 636501. 3) எஸ். நாகச்செல்வி, 104, அலிவாண்டம்மன் கோவில் தெரு, ஜலகண்டபுரம், சேலம் மாவட்டம்.

வேலூர் மாவட்டம்
வேலூர் ஒன்றியம்

அமைப்பாளர் - லதா பழனி நெ. 109, போஸ்ட் ஆபீஸ் தெரு, ஆவாரம்பாளையம், கீழ்மொணவூர், வேலூர் - 632010.

துணை அமைப்பாளர்கள் - 1) கே. ஜெயசித்ரா நாயக்கர் தெரு, அன்பூண்டி, வேலூர் - 632114. 2) ஜெ. குமுதவள்ளி நெ. 145, மேல்கொசப்பேட்டை, ராங்காபுரம் ஊர்வழி, வேலூர் - 632009. 3) எஸ். சுரேகா பஜனை கோவில் தெரு, வசூர் குடியிருப்பு, வெங்கடாபுரம், வேலூர் - 632009. 4) எஸ். கொளசல்யா நெ. 102, ஆஞ்சிபுரம், காசுமுத்தூர், வேலூர் - 632013. 5) கே. பரிமளா நெ. 109, பாட்டை தெரு, மேட்டூர், மேல்மொணவூர், வேலூர் - 632010.

காட்பாடி கிழக்கு ஒன்றியம்

அமைப்பாளர் - பி. கண்ணம்மா பிள்ளையார் கோவில் தெரு, எல்.ஜி. புதூர், கரசமங்கலம் அஞ்சல், காட்பாடி, வேலூர் - 632202.

துணை அமைப்பாளர்கள் - 1) கே. மகாலட்சுமி இந்திரா குடியிருப்பு, சேனூர் அஞ்சல், காட்பாடி, வேலூர் - 632006. 2) பி. சசிகலா நெ. 1/17, மாரியம்மன் கோவில் தெரு குப்பத்தா மோட்டூர், சேனூர் அஞ்சல், காட்பாடி, வேலூர் - 632006. 3) எஸ். ரேணுகா பிள்ளையார் கோவில் தெரு, டி.கே.புரம் அஞ்சல், காட்பாடி, வேலூர் - 632006. 4) அ. அமலா பிள்ளையார் கோவில் தெரு அம்முண்டி அஞ்சல், காட்பாடி.

தொடர்ச்சி XII -ஆம் பக்கம்
